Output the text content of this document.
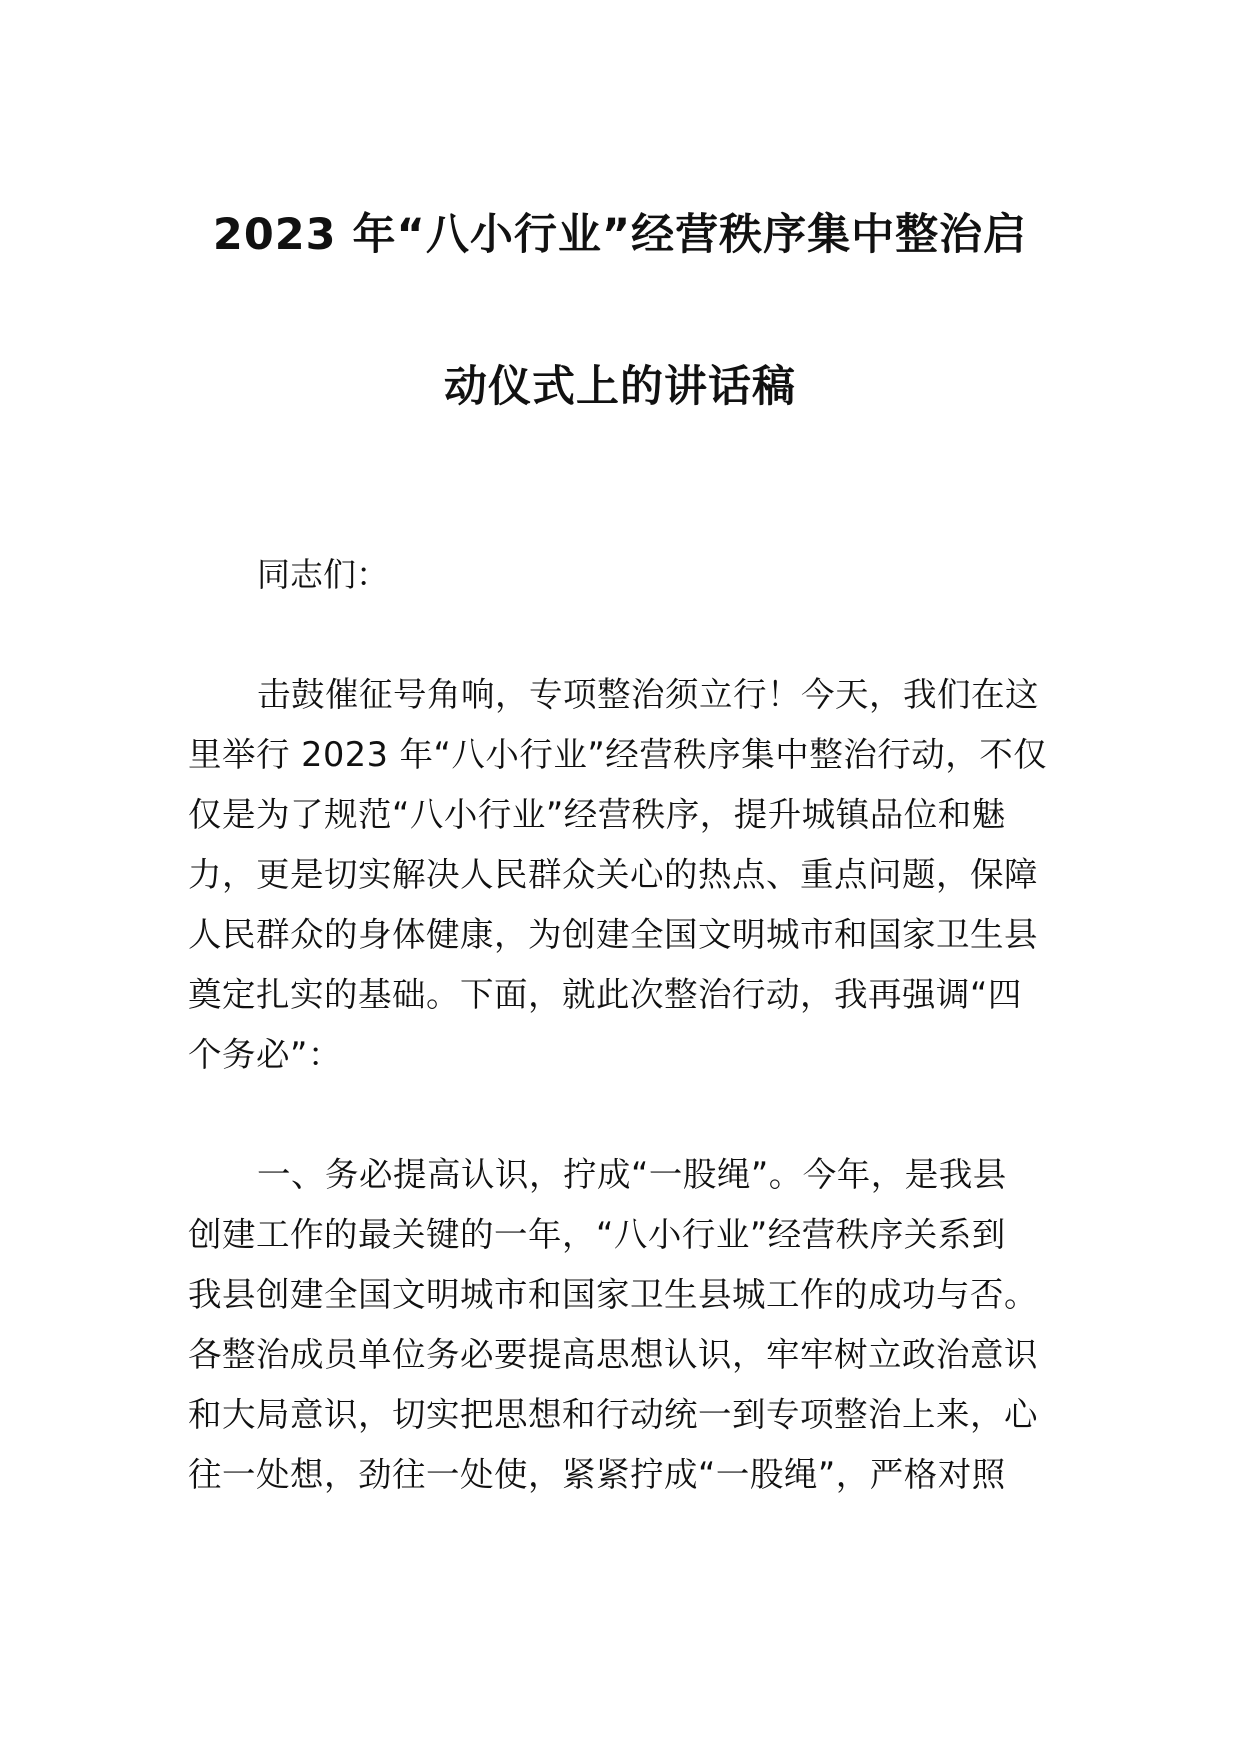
2023 年“八小行业”经营秩序集中整治启
动仪式上的讲话稿
同志们：
击鼓催征号角响，专项整治须立行！今天，我们在这
里举行 2023 年“八小行业”经营秩序集中整治行动，不仅
仅是为了规范“八小行业”经营秩序，提升城镇品位和魅
力，更是切实解决人民群众关心的热点、重点问题，保障
人民群众的身体健康，为创建全国文明城市和国家卫生县
奠定扎实的基础。下面，就此次整治行动，我再强调“四
个务必”：
一、务必提高认识，拧成“一股绳”。今年，是我县
创建工作的最关键的一年，“八小行业”经营秩序关系到
我县创建全国文明城市和国家卫生县城工作的成功与否。
各整治成员单位务必要提高思想认识，牢牢树立政治意识
和大局意识，切实把思想和行动统一到专项整治上来，心
往一处想，劲往一处使，紧紧拧成“一股绳”，严格对照
